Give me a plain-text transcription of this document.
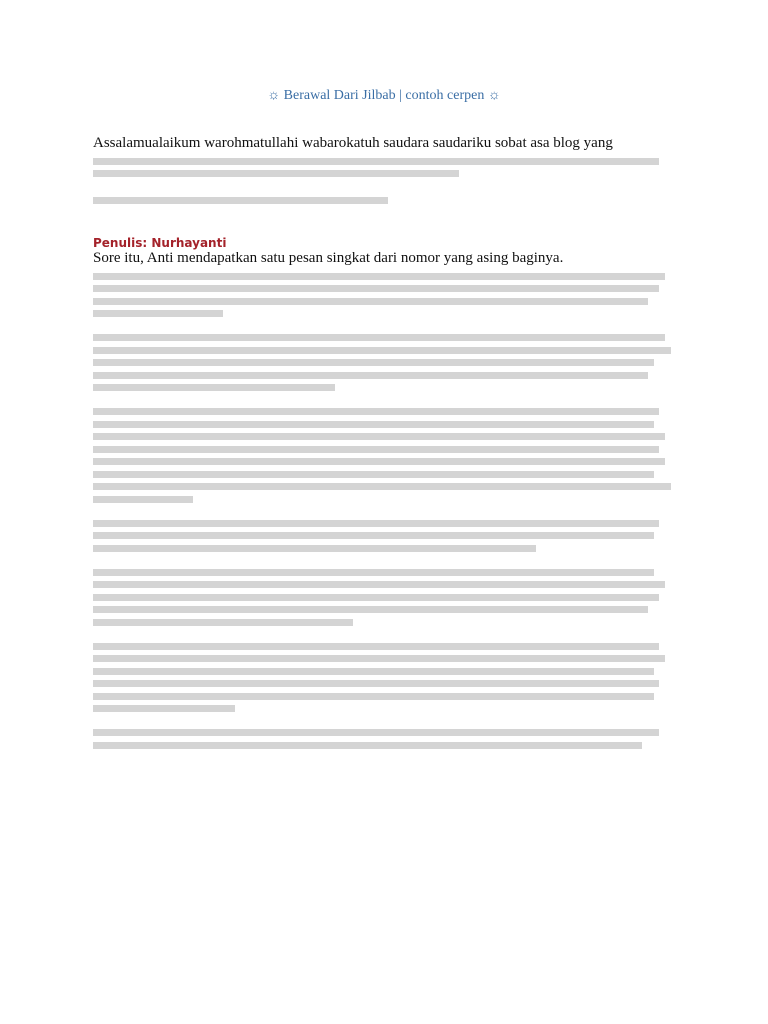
☼ Berawal Dari Jilbab | contoh cerpen ☼
Assalamualaikum warohmatullahi wabarokatuh saudara saudariku sobat asa blog yang
Penulis: Nurhayanti

Sore itu, Anti mendapatkan satu pesan singkat dari nomor yang asing baginya.
